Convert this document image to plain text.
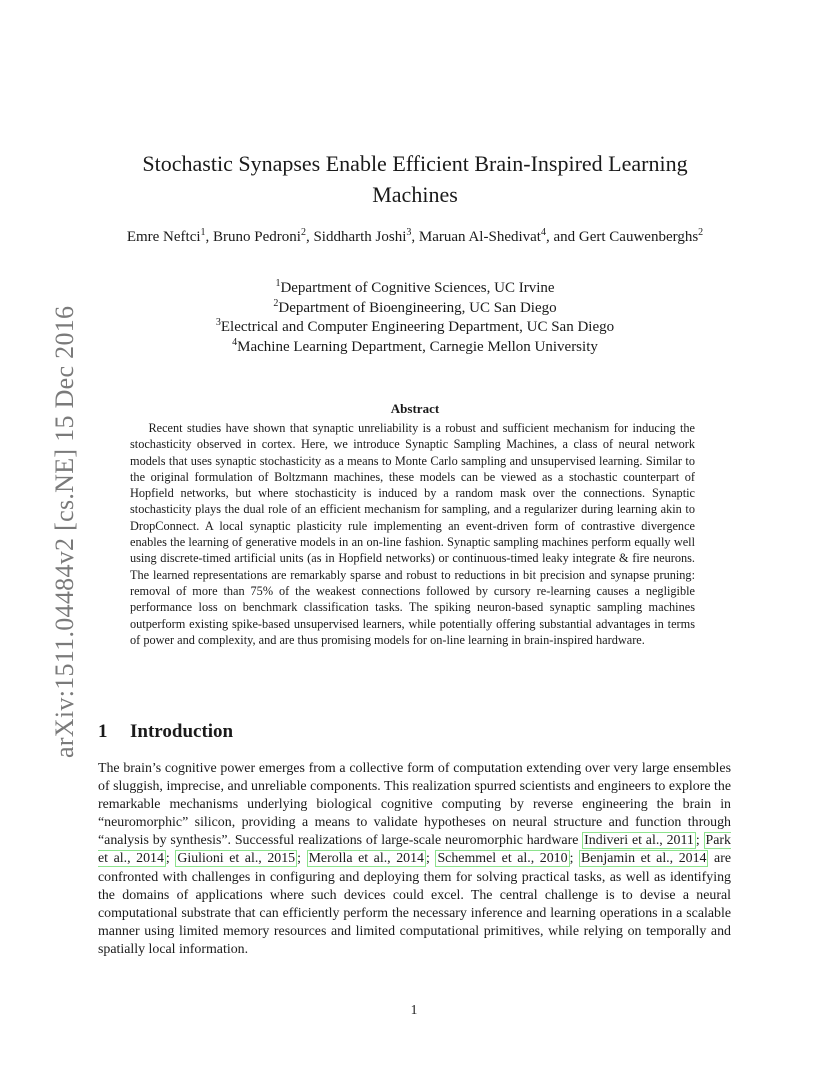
arXiv:1511.04484v2 [cs.NE] 15 Dec 2016
Stochastic Synapses Enable Efficient Brain-Inspired Learning
Machines
Emre Neftci$^1$, Bruno Pedroni$^2$, Siddharth Joshi$^3$, Maruan Al-Shedivat$^4$, and Gert Cauwenberghs$^2$
$^1$Department of Cognitive Sciences, UC Irvine
$^2$Department of Bioengineering, UC San Diego
$^3$Electrical and Computer Engineering Department, UC San Diego
$^4$Machine Learning Department, Carnegie Mellon University
Abstract
Recent studies have shown that synaptic unreliability is a robust and sufficient mechanism for inducing the stochasticity observed in cortex. Here, we introduce Synaptic Sampling Machines, a class of neural network models that uses synaptic stochasticity as a means to Monte Carlo sampling and unsupervised learning. Similar to the original formulation of Boltzmann machines, these models can be viewed as a stochastic counterpart of Hopfield networks, but where stochasticity is induced by a random mask over the connections. Synaptic stochasticity plays the dual role of an efficient mechanism for sampling, and a regularizer during learning akin to DropConnect. A local synaptic plasticity rule implementing an event-driven form of contrastive divergence enables the learning of generative models in an on-line fashion. Synaptic sampling machines perform equally well using discrete-timed artificial units (as in Hopfield networks) or continuous-timed leaky integrate & fire neurons. The learned representations are remarkably sparse and robust to reductions in bit precision and synapse pruning: removal of more than 75% of the weakest connections followed by cursory re-learning causes a negligible performance loss on benchmark classification tasks. The spiking neuron-based synaptic sampling machines outperform existing spike-based unsupervised learners, while potentially offering substantial advantages in terms of power and complexity, and are thus promising models for on-line learning in brain-inspired hardware.
1 Introduction
The brain’s cognitive power emerges from a collective form of computation extending over very large ensembles of sluggish, imprecise, and unreliable components. This realization spurred scientists and engineers to explore the remarkable mechanisms underlying biological cognitive computing by reverse engineering the brain in “neuromorphic” silicon, providing a means to validate hypotheses on neural structure and function through “analysis by synthesis”. Successful realizations of large-scale neuromorphic hardware Indiveri et al., 2011 ; Park et al., 2014 ; Giulioni et al., 2015 ; Merolla et al., 2014 ; Schemmel et al., 2010 ; Benjamin et al., 2014 are confronted with challenges in configuring and deploying them for solving practical tasks, as well as identifying the domains of applications where such devices could excel. The central challenge is to devise a neural computational substrate that can efficiently perform the necessary inference and learning operations in a scalable manner using limited memory resources and limited computational primitives, while relying on temporally and spatially local information.
1
